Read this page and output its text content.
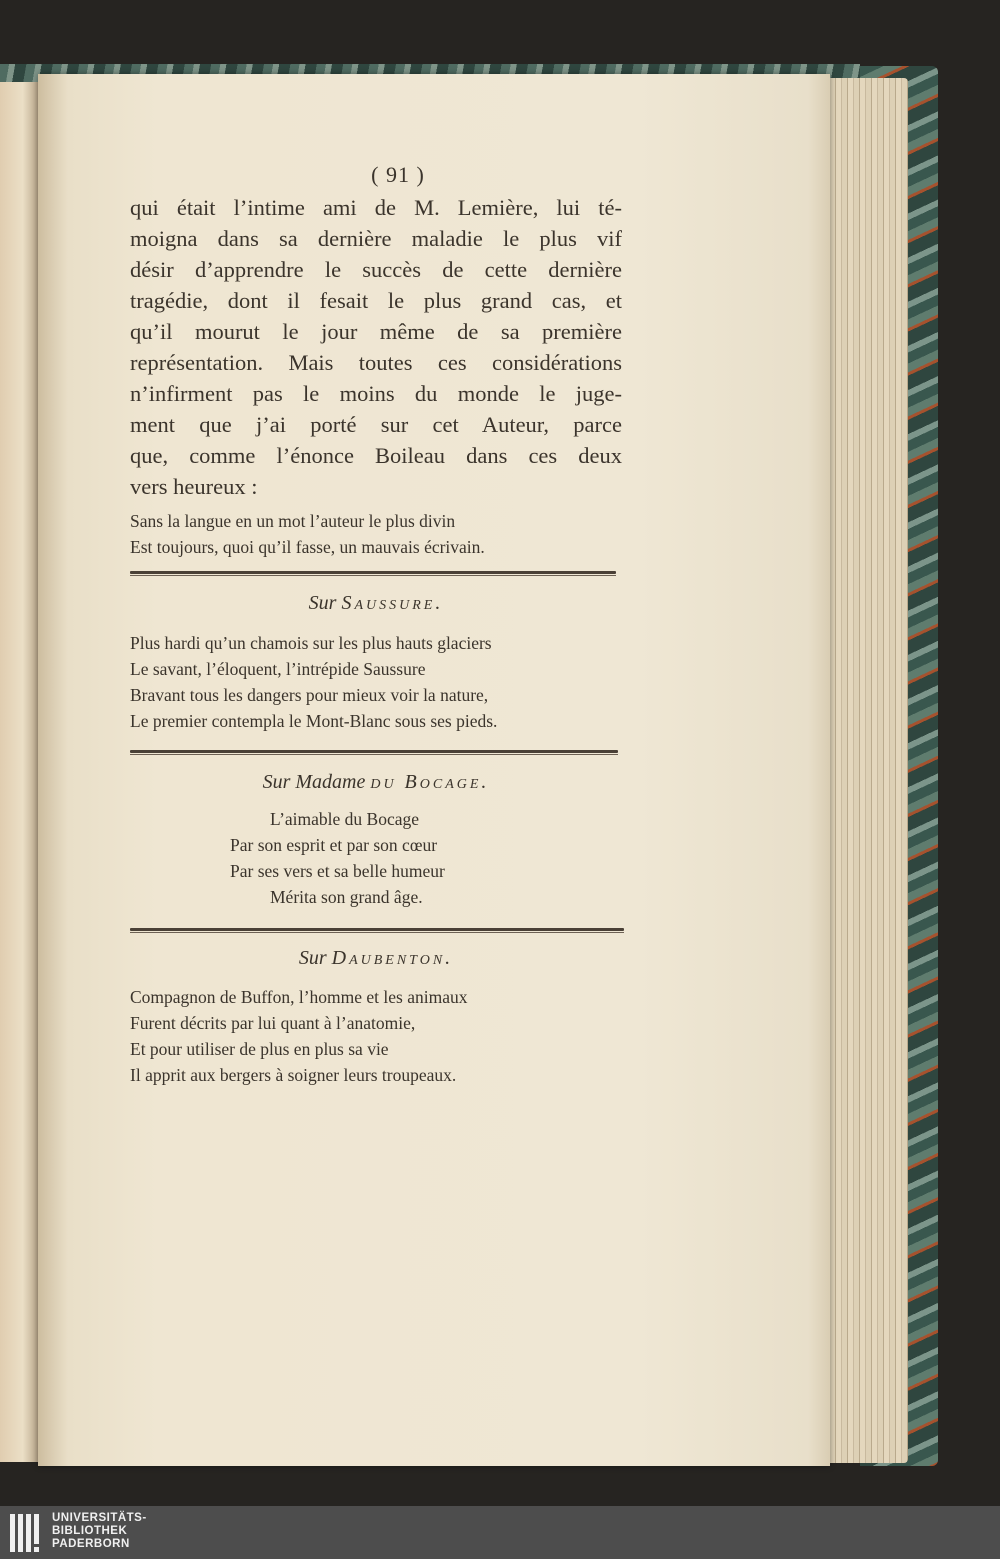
( 91 )
qui était l’intime ami de M. Lemière, lui té-
moigna dans sa dernière maladie le plus vif
désir d’apprendre le succès de cette dernière
tragédie, dont il fesait le plus grand cas, et
qu’il mourut le jour même de sa première
représentation. Mais toutes ces considérations
n’infirment pas le moins du monde le juge-
ment que j’ai porté sur cet Auteur, parce
que, comme l’énonce Boileau dans ces deux
vers heureux :
Sans la langue en un mot l’auteur le plus divin
Est toujours, quoi qu’il fasse, un mauvais écrivain.
Sur Saussure.
Plus hardi qu’un chamois sur les plus hauts glaciers
Le savant, l’éloquent, l’intrépide Saussure
Bravant tous les dangers pour mieux voir la nature,
Le premier contempla le Mont-Blanc sous ses pieds.
Sur Madame du Bocage.
L’aimable du Bocage
Par son esprit et par son cœur
Par ses vers et sa belle humeur
Mérita son grand âge.
Sur Daubenton.
Compagnon de Buffon, l’homme et les animaux
Furent décrits par lui quant à l’anatomie,
Et pour utiliser de plus en plus sa vie
Il apprit aux bergers à soigner leurs troupeaux.
UNIVERSITÄTS-
BIBLIOTHEK
PADERBORN
